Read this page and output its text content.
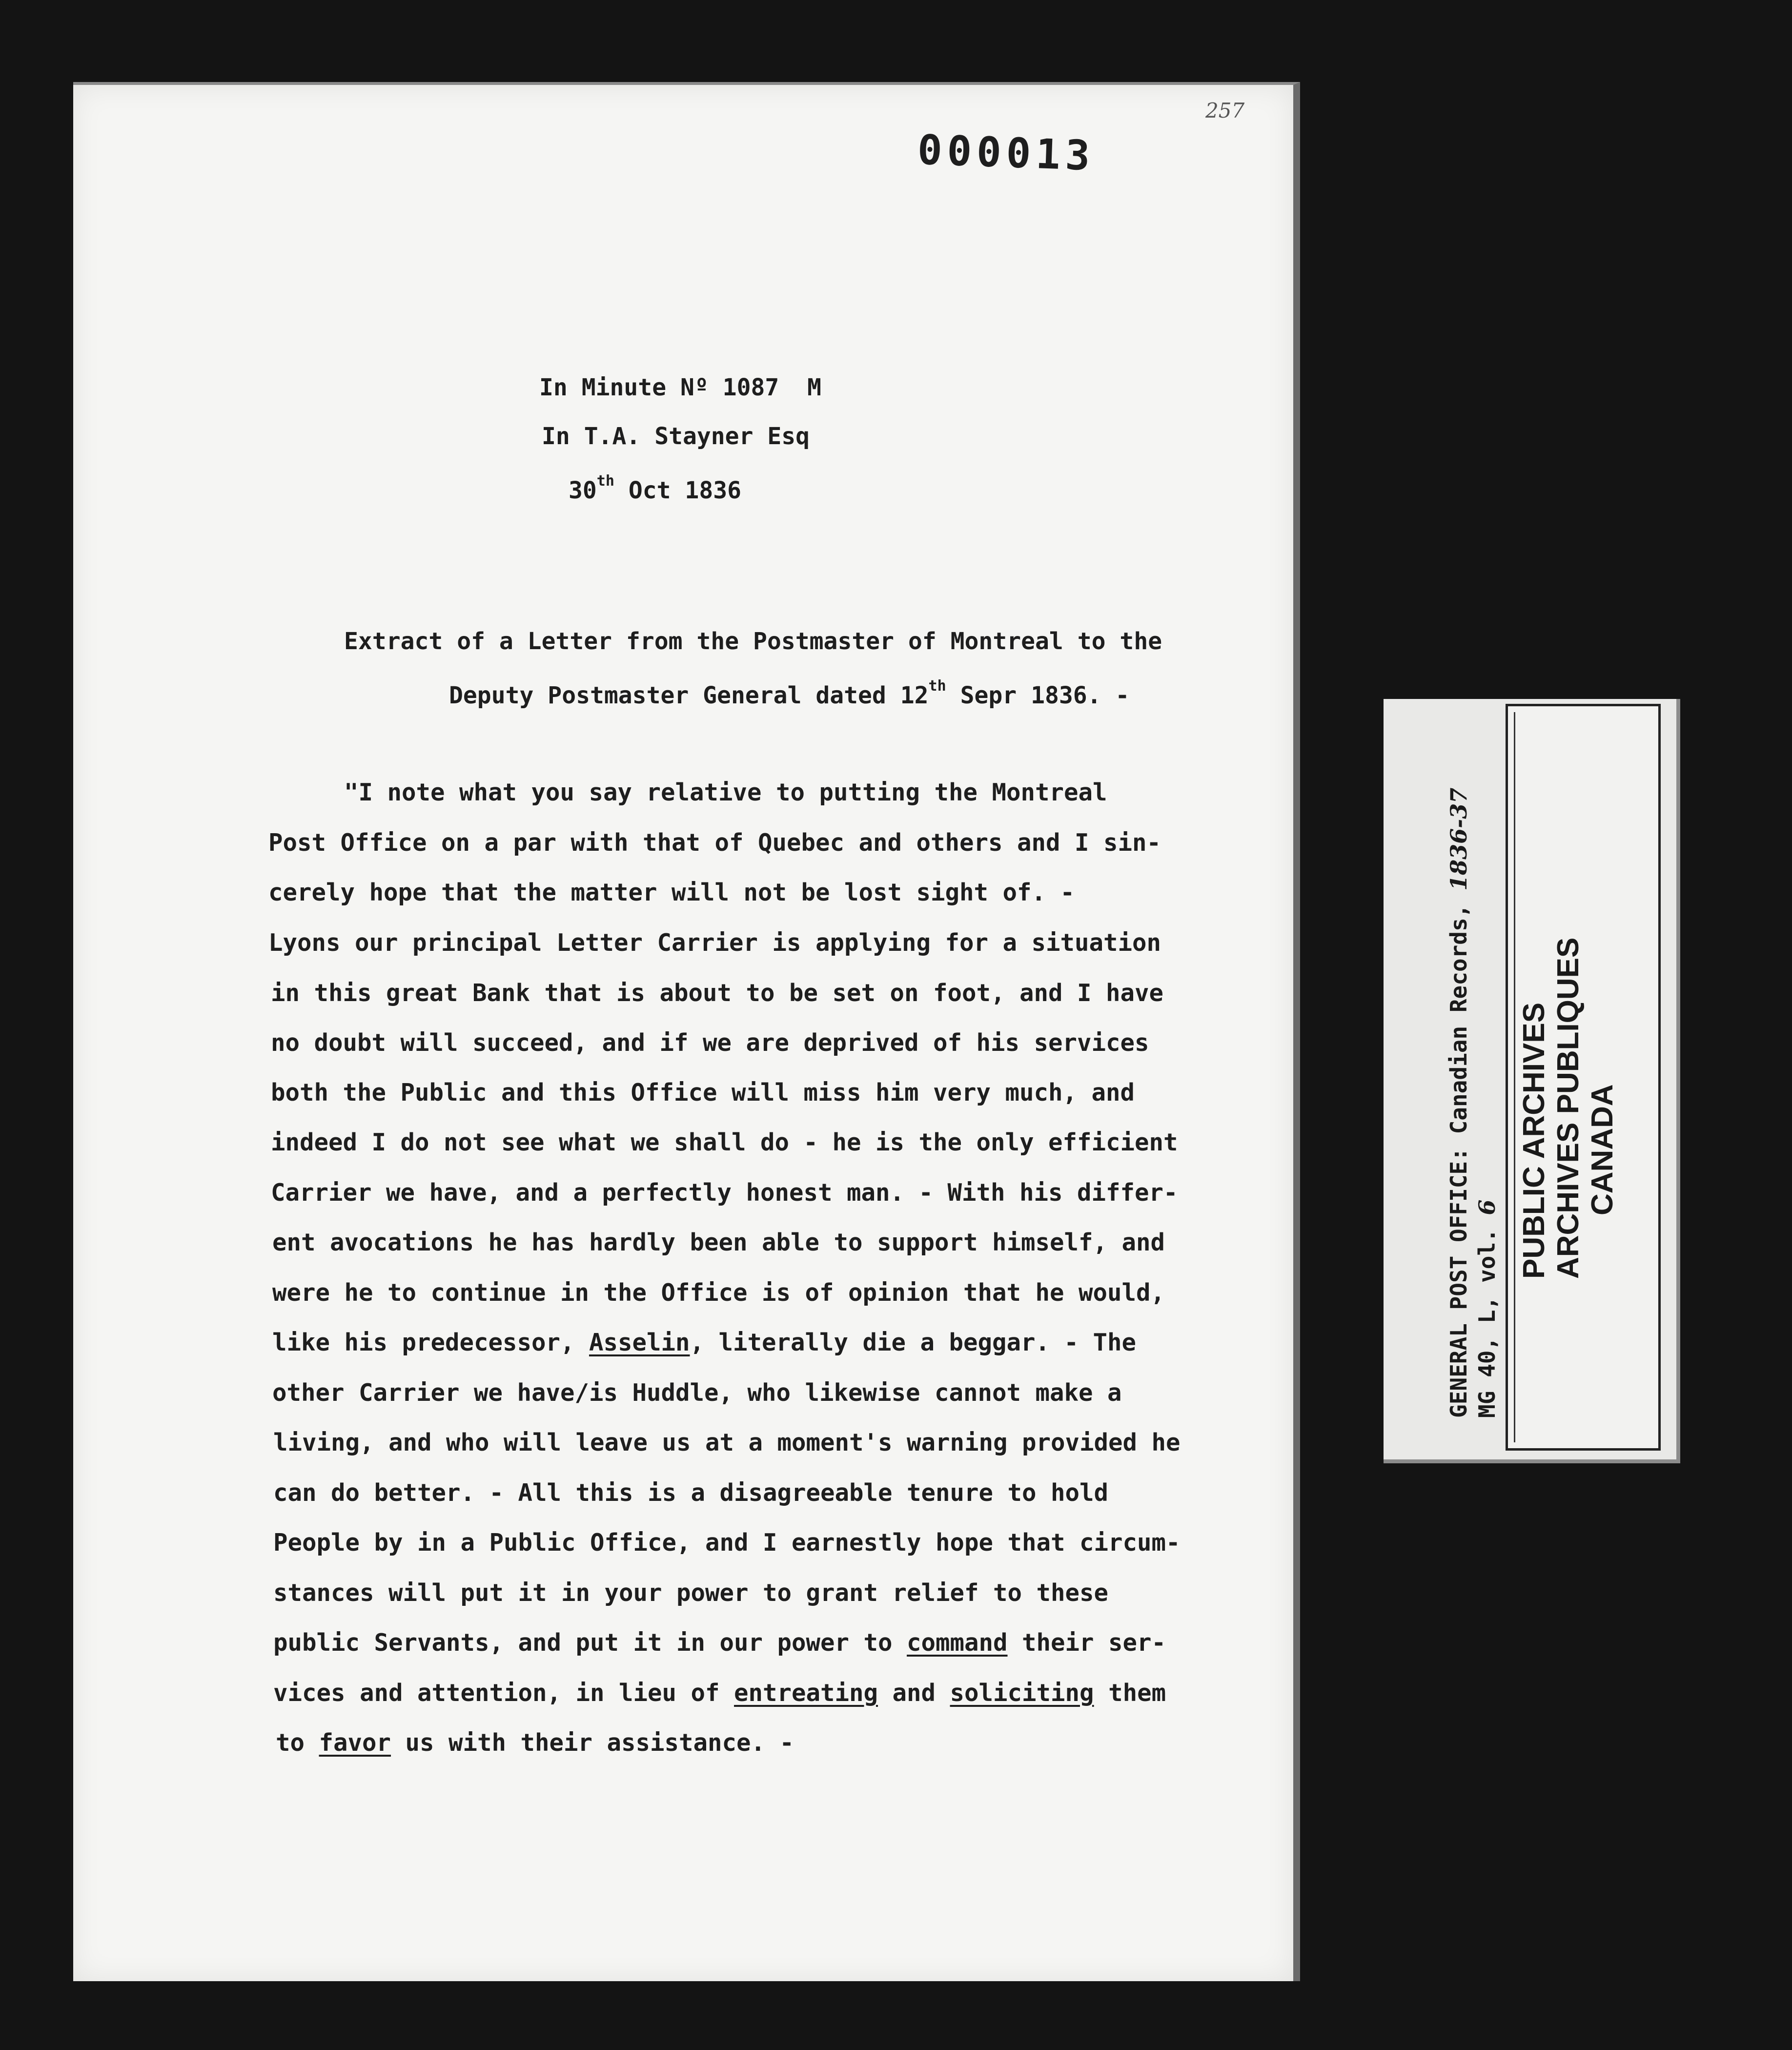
257
000013
In Minute Nº 1087  M
In T.A. Stayner Esq
30th Oct 1836
Extract of a Letter from the Postmaster of Montreal to the
Deputy Postmaster General dated 12th Sepr 1836. -
"I note what you say relative to putting the Montreal
Post Office on a par with that of Quebec and others and I sin-
cerely hope that the matter will not be lost sight of. -
Lyons our principal Letter Carrier is applying for a situation
in this great Bank that is about to be set on foot, and I have
no doubt will succeed, and if we are deprived of his services
both the Public and this Office will miss him very much, and
indeed I do not see what we shall do - he is the only efficient
Carrier we have, and a perfectly honest man. - With his differ-
ent avocations he has hardly been able to support himself, and
were he to continue in the Office is of opinion that he would,
like his predecessor, Asselin, literally die a beggar. - The
other Carrier we have/is Huddle, who likewise cannot make a
living, and who will leave us at a moment's warning provided he
can do better. - All this is a disagreeable tenure to hold
People by in a Public Office, and I earnestly hope that circum-
stances will put it in your power to grant relief to these
public Servants, and put it in our power to command their ser-
vices and attention, in lieu of entreating and soliciting them
to favor us with their assistance. -
GENERAL POST OFFICE: Canadian Records, 1836-37
MG 40, L, vol. 6 PUBLIC ARCHIVES ARCHIVES PUBLIQUES CANADA
